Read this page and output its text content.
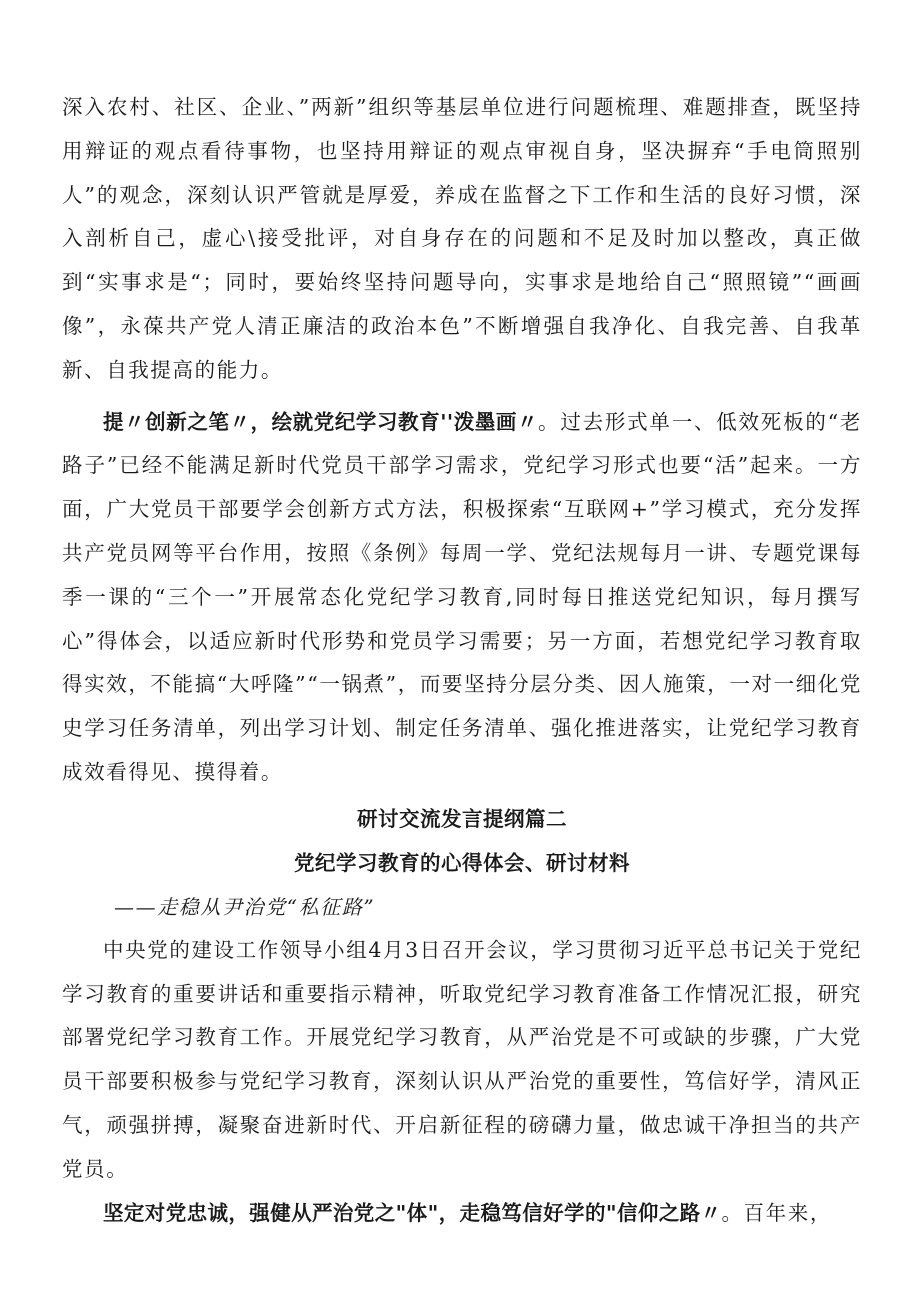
深入农村、社区、企业、”两新”组织等基层单位进行问题梳理、难题排查，既坚持用辩证的观点看待事物，也坚持用辩证的观点审视自身，坚决摒弃“手电筒照别人”的观念，深刻认识严管就是厚爱，养成在监督之下工作和生活的良好习惯，深入剖析自己，虚心\接受批评，对自身存在的问题和不足及时加以整改，真正做到“实事求是“；同时，要始终坚持问题导向，实事求是地给自己“照照镜”“画画像”，永葆共产党人清正廉洁的政治本色”不断增强自我净化、自我完善、自我革新、自我提高的能力。

提〃创新之笔〃，绘就党纪学习教育''泼墨画〃。过去形式单一、低效死板的“老路子”已经不能满足新时代党员干部学习需求，党纪学习形式也要“活”起来。一方面，广大党员干部要学会创新方式方法，积极探索“互联网+”学习模式，充分发挥共产党员网等平台作用，按照《条例》每周一学、党纪法规每月一讲、专题党课每季一课的“三个一”开展常态化党纪学习教育,同时每日推送党纪知识，每月撰写心”得体会，以适应新时代形势和党员学习需要；另一方面，若想党纪学习教育取得实效，不能搞“大呼隆”“一锅煮”，而要坚持分层分类、因人施策，一对一细化党史学习任务清单，列出学习计划、制定任务清单、强化推进落实，让党纪学习教育成效看得见、摸得着。

研讨交流发言提纲篇二
党纪学习教育的心得体会、研讨材料

——走稳从尹治党“私征路”

中央党的建设工作领导小组4月3日召开会议，学习贯彻习近平总书记关于党纪学习教育的重要讲话和重要指示精神，听取党纪学习教育准备工作情况汇报，研究部署党纪学习教育工作。开展党纪学习教育，从严治党是不可或缺的步骤，广大党员干部要积极参与党纪学习教育，深刻认识从严治党的重要性，笃信好学，清风正气，顽强拼搏，凝聚奋进新时代、开启新征程的磅礴力量，做忠诚干净担当的共产党员。

坚定对党忠诚，强健从严治党之"体"，走稳笃信好学的"信仰之路〃。百年来，
